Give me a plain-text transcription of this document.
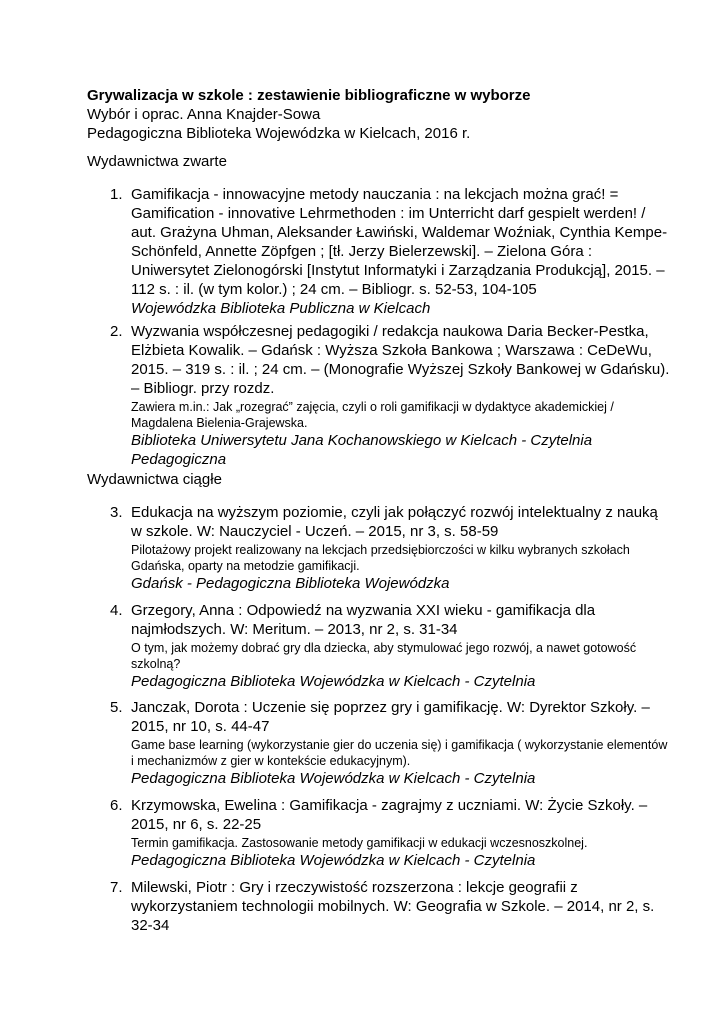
Grywalizacja w szkole : zestawienie bibliograficzne w wyborze
Wybór i oprac. Anna Knajder-Sowa
Pedagogiczna Biblioteka Wojewódzka w Kielcach, 2016 r.
Wydawnictwa zwarte
1. Gamifikacja - innowacyjne metody nauczania : na lekcjach można grać! = Gamification - innovative Lehrmethoden : im Unterricht darf gespielt werden! / aut. Grażyna Uhman, Aleksander Ławiński, Waldemar Woźniak, Cynthia Kempe-Schönfeld, Annette Zöpfgen ; [tł. Jerzy Bielerzewski]. – Zielona Góra : Uniwersytet Zielonogórski [Instytut Informatyki i Zarządzania Produkcją], 2015. – 112 s. : il. (w tym kolor.) ; 24 cm. – Bibliogr. s. 52-53, 104-105
Wojewódzka Biblioteka Publiczna w Kielcach
2. Wyzwania współczesnej pedagogiki / redakcja naukowa Daria Becker-Pestka, Elżbieta Kowalik. – Gdańsk : Wyższa Szkoła Bankowa ; Warszawa : CeDeWu, 2015. – 319 s. : il. ; 24 cm. – (Monografie Wyższej Szkoły Bankowej w Gdańsku). – Bibliogr. przy rozdz.
Zawiera m.in.: Jak „rozegrać” zajęcia, czyli o roli gamifikacji w dydaktyce akademickiej / Magdalena Bielenia-Grajewska.
Biblioteka Uniwersytetu Jana Kochanowskiego w Kielcach - Czytelnia Pedagogiczna
Wydawnictwa ciągłe
3. Edukacja na wyższym poziomie, czyli jak połączyć rozwój intelektualny z nauką w szkole. W: Nauczyciel - Uczeń. – 2015, nr 3, s. 58-59
Pilotażowy projekt realizowany na lekcjach przedsiębiorczości w kilku wybranych szkołach Gdańska, oparty na metodzie gamifikacji.
Gdańsk - Pedagogiczna Biblioteka Wojewódzka
4. Grzegory, Anna : Odpowiedź na wyzwania XXI wieku - gamifikacja dla najmłodszych. W: Meritum. – 2013, nr 2, s. 31-34
O tym, jak możemy dobrać gry dla dziecka, aby stymulować jego rozwój, a nawet gotowość szkolną?
Pedagogiczna Biblioteka Wojewódzka w Kielcach - Czytelnia
5. Janczak, Dorota : Uczenie się poprzez gry i gamifikację. W: Dyrektor Szkoły. – 2015, nr 10, s. 44-47
Game base learning (wykorzystanie gier do uczenia się) i gamifikacja ( wykorzystanie elementów i mechanizmów z gier w kontekście edukacyjnym).
Pedagogiczna Biblioteka Wojewódzka w Kielcach - Czytelnia
6. Krzymowska, Ewelina : Gamifikacja - zagrajmy z uczniami. W: Życie Szkoły. – 2015, nr 6, s. 22-25
Termin gamifikacja. Zastosowanie metody gamifikacji w edukacji wczesnoszkolnej.
Pedagogiczna Biblioteka Wojewódzka w Kielcach - Czytelnia
7. Milewski, Piotr : Gry i rzeczywistość rozszerzona : lekcje geografii z wykorzystaniem technologii mobilnych. W: Geografia w Szkole. – 2014, nr 2, s. 32-34
